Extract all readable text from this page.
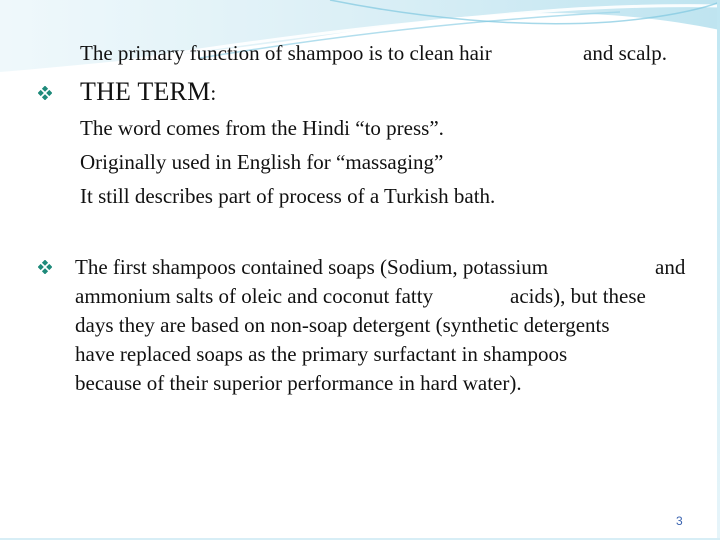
The primary function of shampoo is to clean hair	and scalp.
THE TERM:
The word comes from the Hindi “to press”.
Originally used in English for “massaging”
It still describes part of process of a Turkish bath.
The first shampoos contained soaps (Sodium, potassium	and
ammonium salts of oleic and coconut fatty	acids), but these
days they are based on non-soap detergent (synthetic detergents
have replaced soaps as the primary surfactant in shampoos
because of their superior performance in hard water).
3
